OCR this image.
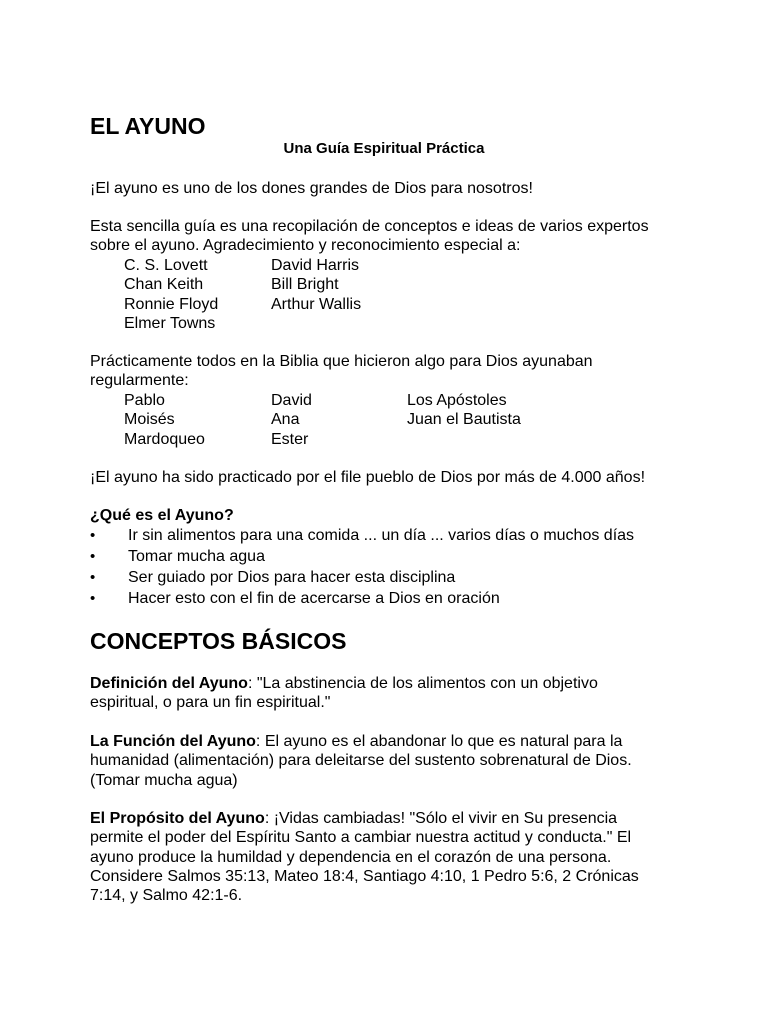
EL AYUNO
Una Guía Espiritual Práctica

¡El ayuno es uno de los dones grandes de Dios para nosotros!

Esta sencilla guía es una recopilación de conceptos e ideas de varios expertos sobre el ayuno. Agradecimiento y reconocimiento especial a:

C. S. Lovett	David Harris
Chan Keith	Bill Bright
Ronnie Floyd	Arthur Wallis
Elmer Towns

Prácticamente todos en la Biblia que hicieron algo para Dios ayunaban regularmente:

Pablo	David	Los Apóstoles
Moisés	Ana	Juan el Bautista
Mardoqueo	Ester

¡El ayuno ha sido practicado por el file pueblo de Dios por más de 4.000 años!

¿Qué es el Ayuno?
•	Ir sin alimentos para una comida ... un día ... varios días o muchos días
•	Tomar mucha agua
•	Ser guiado por Dios para hacer esta disciplina
•	Hacer esto con el fin de acercarse a Dios en oración
CONCEPTOS BÁSICOS

Definición del Ayuno: "La abstinencia de los alimentos con un objetivo espiritual, o para un fin espiritual."

La Función del Ayuno: El ayuno es el abandonar lo que es natural para la humanidad (alimentación) para deleitarse del sustento sobrenatural de Dios. (Tomar mucha agua)

El Propósito del Ayuno: ¡Vidas cambiadas! "Sólo el vivir en Su presencia permite el poder del Espíritu Santo a cambiar nuestra actitud y conducta." El ayuno produce la humildad y dependencia en el corazón de una persona. Considere Salmos 35:13, Mateo 18:4, Santiago 4:10, 1 Pedro 5:6, 2 Crónicas 7:14, y Salmo 42:1-6.
